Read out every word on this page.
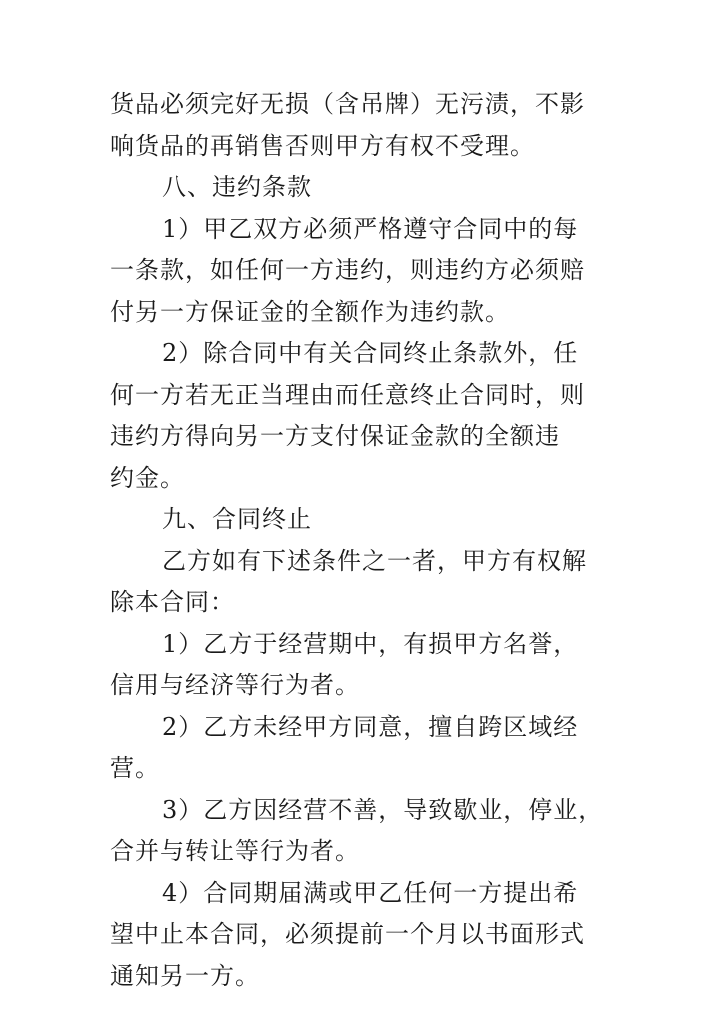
货品必须完好无损（含吊牌）无污渍，不影
响货品的再销售否则甲方有权不受理。
八、违约条款
1）甲乙双方必须严格遵守合同中的每
一条款，如任何一方违约，则违约方必须赔
付另一方保证金的全额作为违约款。
2）除合同中有关合同终止条款外，任
何一方若无正当理由而任意终止合同时，则
违约方得向另一方支付保证金款的全额违
约金。
九、合同终止
乙方如有下述条件之一者，甲方有权解
除本合同：
1）乙方于经营期中，有损甲方名誉，
信用与经济等行为者。
2）乙方未经甲方同意，擅自跨区域经
营。
3）乙方因经营不善，导致歇业，停业，
合并与转让等行为者。
4）合同期届满或甲乙任何一方提出希
望中止本合同，必须提前一个月以书面形式
通知另一方。
